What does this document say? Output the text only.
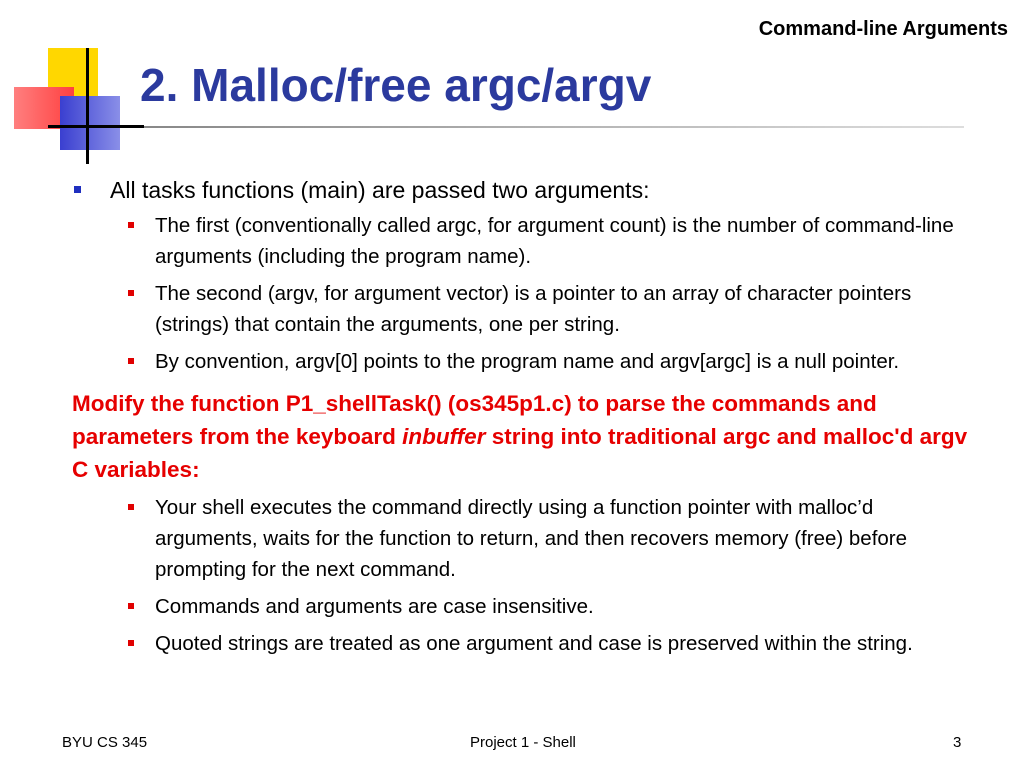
Command-line Arguments
2. Malloc/free argc/argv
All tasks functions (main) are passed two arguments:
The first (conventionally called argc, for argument count) is the number of command-line arguments (including the program name).
The second (argv, for argument vector) is a pointer to an array of character pointers (strings) that contain the arguments, one per string.
By convention, argv[0] points to the program name and argv[argc] is a null pointer.
Modify the function P1_shellTask() (os345p1.c) to parse the commands and parameters from the keyboard inbuffer string into traditional argc and malloc'd argv C variables:
Your shell executes the command directly using a function pointer with malloc’d arguments, waits for the function to return, and then recovers memory (free) before prompting for the next command.
Commands and arguments are case insensitive.
Quoted strings are treated as one argument and case is preserved within the string.
BYU CS 345	Project 1 - Shell	3
